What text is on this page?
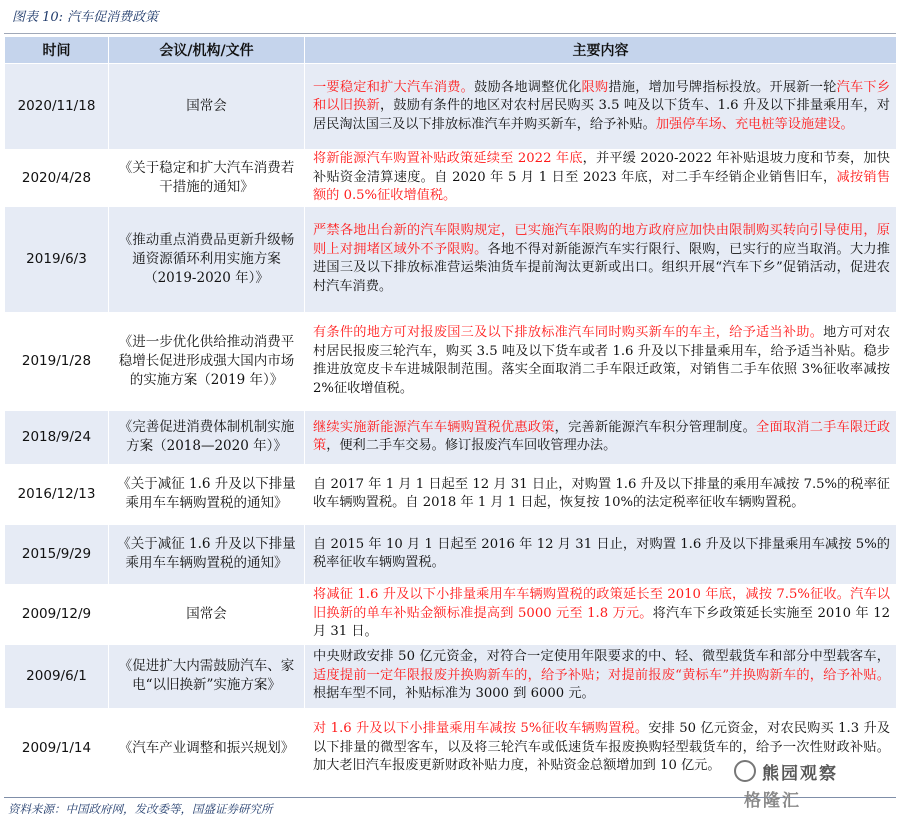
图表 10: 汽车促消费政策
时间	会议/机构/文件	主要内容
2020/11/18	国常会	一要稳定和扩大汽车消费。鼓励各地调整优化限购措施，增加号牌指标投放。开展新一轮汽车下乡和以旧换新，鼓励有条件的地区对农村居民购买 3.5 吨及以下货车、1.6 升及以下排量乘用车，对居民淘汰国三及以下排放标准汽车并购买新车，给予补贴。加强停车场、充电桩等设施建设。
2020/4/28	《关于稳定和扩大汽车消费若干措施的通知》	将新能源汽车购置补贴政策延续至 2022 年底，并平缓 2020-2022 年补贴退坡力度和节奏，加快补贴资金清算速度。自 2020 年 5 月 1 日至 2023 年底，对二手车经销企业销售旧车，减按销售额的 0.5%征收增值税。
2019/6/3	《推动重点消费品更新升级畅通资源循环利用实施方案（2019-2020 年）》	严禁各地出台新的汽车限购规定，已实施汽车限购的地方政府应加快由限制购买转向引导使用，原则上对拥堵区域外不予限购。各地不得对新能源汽车实行限行、限购，已实行的应当取消。大力推进国三及以下排放标准营运柴油货车提前淘汰更新或出口。组织开展“汽车下乡”促销活动，促进农村汽车消费。
2019/1/28	《进一步优化供给推动消费平稳增长促进形成强大国内市场的实施方案（2019 年）》	有条件的地方可对报废国三及以下排放标准汽车同时购买新车的车主，给予适当补助。地方可对农村居民报废三轮汽车，购买 3.5 吨及以下货车或者 1.6 升及以下排量乘用车，给予适当补贴。稳步推进放宽皮卡车进城限制范围。落实全面取消二手车限迁政策，对销售二手车依照 3%征收率减按 2%征收增值税。
2018/9/24	《完善促进消费体制机制实施方案（2018—2020 年）》	继续实施新能源汽车车辆购置税优惠政策，完善新能源汽车积分管理制度。全面取消二手车限迁政策，便利二手车交易。修订报废汽车回收管理办法。
2016/12/13	《关于减征 1.6 升及以下排量乘用车车辆购置税的通知》	自 2017 年 1 月 1 日起至 12 月 31 日止，对购置 1.6 升及以下排量的乘用车减按 7.5%的税率征收车辆购置税。自 2018 年 1 月 1 日起，恢复按 10%的法定税率征收车辆购置税。
2015/9/29	《关于减征 1.6 升及以下排量乘用车车辆购置税的通知》	自 2015 年 10 月 1 日起至 2016 年 12 月 31 日止，对购置 1.6 升及以下排量乘用车减按 5%的税率征收车辆购置税。
2009/12/9	国常会	将减征 1.6 升及以下小排量乘用车车辆购置税的政策延长至 2010 年底，减按 7.5%征收。汽车以旧换新的单车补贴金额标准提高到 5000 元至 1.8 万元。将汽车下乡政策延长实施至 2010 年 12 月 31 日。
2009/6/1	《促进扩大内需鼓励汽车、家电“以旧换新”实施方案》	中央财政安排 50 亿元资金，对符合一定使用年限要求的中、轻、微型载货车和部分中型载客车，适度提前一定年限报废并换购新车的，给予补贴；对提前报废“黄标车”并换购新车的，给予补贴。根据车型不同，补贴标准为 3000 到 6000 元。
2009/1/14	《汽车产业调整和振兴规划》	对 1.6 升及以下小排量乘用车减按 5%征收车辆购置税。安排 50 亿元资金，对农民购买 1.3 升及以下排量的微型客车，以及将三轮汽车或低速货车报废换购轻型载货车的，给予一次性财政补贴。加大老旧汽车报废更新财政补贴力度，补贴资金总额增加到 10 亿元。
资料来源：中国政府网，发改委等，国盛证券研究所
熊园观察
格隆汇
